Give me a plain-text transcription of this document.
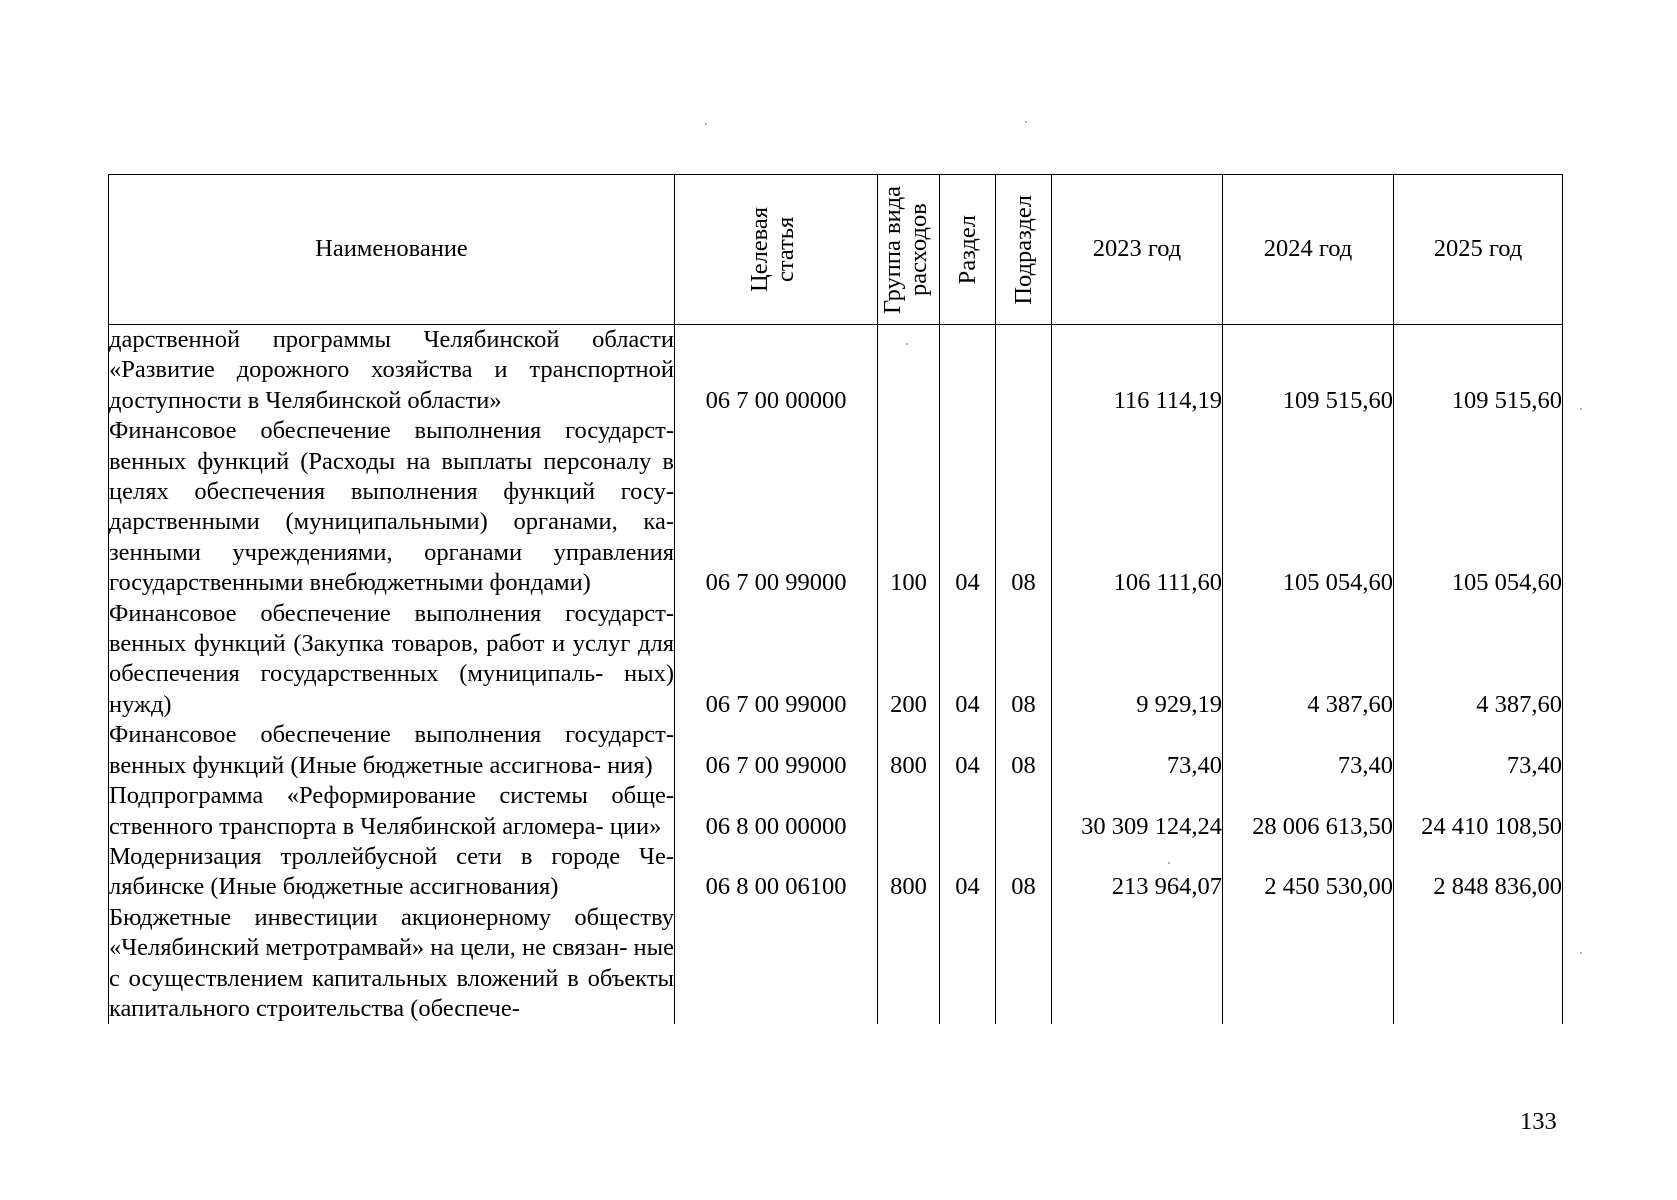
Наименование	Целевая статья	Группа вида расходов	Раздел	Подраздел	2023 год	2024 год	2025 год
дарственной программы Челябинской области «Развитие дорожного хозяйства и транспортной доступности в Челябинской области»	06 7 00 00000				116 114,19	109 515,60	109 515,60
Финансовое обеспечение выполнения государст- венных функций (Расходы на выплаты персоналу в целях обеспечения выполнения функций госу- дарственными (муниципальными) органами, ка- зенными учреждениями, органами управления государственными внебюджетными фондами)	06 7 00 99000	100	04	08	106 111,60	105 054,60	105 054,60
Финансовое обеспечение выполнения государст- венных функций (Закупка товаров, работ и услуг для обеспечения государственных (муниципаль- ных) нужд)	06 7 00 99000	200	04	08	9 929,19	4 387,60	4 387,60
Финансовое обеспечение выполнения государст- венных функций (Иные бюджетные ассигнова- ния)	06 7 00 99000	800	04	08	73,40	73,40	73,40
Подпрограмма «Реформирование системы обще- ственного транспорта в Челябинской агломера- ции»	06 8 00 00000				30 309 124,24	28 006 613,50	24 410 108,50
Модернизация троллейбусной сети в городе Че- лябинске (Иные бюджетные ассигнования)	06 8 00 06100	800	04	08	213 964,07	2 450 530,00	2 848 836,00
Бюджетные инвестиции акционерному обществу «Челябинский метротрамвай» на цели, не связан- ные с осуществлением капитальных вложений в объекты капитального строительства (обеспече-							
133
